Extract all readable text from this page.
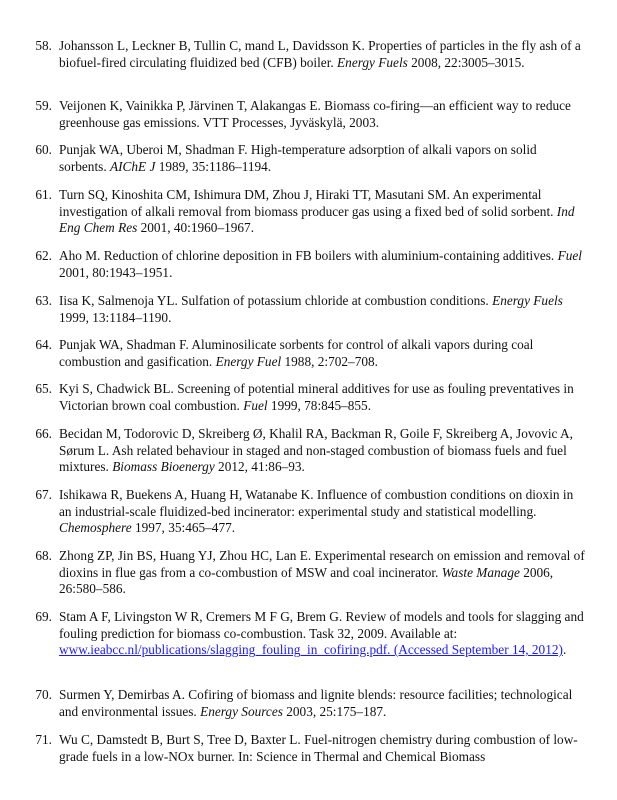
58. Johansson L, Leckner B, Tullin C, mand L, Davidsson K. Properties of particles in the fly ash of a biofuel-fired circulating fluidized bed (CFB) boiler. Energy Fuels 2008, 22:3005–3015.
59. Veijonen K, Vainikka P, Järvinen T, Alakangas E. Biomass co-firing—an efficient way to reduce greenhouse gas emissions. VTT Processes, Jyväskylä, 2003.
60. Punjak WA, Uberoi M, Shadman F. High-temperature adsorption of alkali vapors on solid sorbents. AIChE J 1989, 35:1186–1194.
61. Turn SQ, Kinoshita CM, Ishimura DM, Zhou J, Hiraki TT, Masutani SM. An experimental investigation of alkali removal from biomass producer gas using a fixed bed of solid sorbent. Ind Eng Chem Res 2001, 40:1960–1967.
62. Aho M. Reduction of chlorine deposition in FB boilers with aluminium-containing additives. Fuel 2001, 80:1943–1951.
63. Iisa K, Salmenoja YL. Sulfation of potassium chloride at combustion conditions. Energy Fuels 1999, 13:1184–1190.
64. Punjak WA, Shadman F. Aluminosilicate sorbents for control of alkali vapors during coal combustion and gasification. Energy Fuel 1988, 2:702–708.
65. Kyi S, Chadwick BL. Screening of potential mineral additives for use as fouling preventatives in Victorian brown coal combustion. Fuel 1999, 78:845–855.
66. Becidan M, Todorovic D, Skreiberg Ø, Khalil RA, Backman R, Goile F, Skreiberg A, Jovovic A, Sørum L. Ash related behaviour in staged and non-staged combustion of biomass fuels and fuel mixtures. Biomass Bioenergy 2012, 41:86–93.
67. Ishikawa R, Buekens A, Huang H, Watanabe K. Influence of combustion conditions on dioxin in an industrial-scale fluidized-bed incinerator: experimental study and statistical modelling. Chemosphere 1997, 35:465–477.
68. Zhong ZP, Jin BS, Huang YJ, Zhou HC, Lan E. Experimental research on emission and removal of dioxins in flue gas from a co-combustion of MSW and coal incinerator. Waste Manage 2006, 26:580–586.
69. Stam A F, Livingston W R, Cremers M F G, Brem G. Review of models and tools for slagging and fouling prediction for biomass co-combustion. Task 32, 2009. Available at: www.ieabcc.nl/publications/slagging_fouling_in_cofiring.pdf. (Accessed September 14, 2012).
70. Surmen Y, Demirbas A. Cofiring of biomass and lignite blends: resource facilities; technological and environmental issues. Energy Sources 2003, 25:175–187.
71. Wu C, Damstedt B, Burt S, Tree D, Baxter L. Fuel-nitrogen chemistry during combustion of low-grade fuels in a low-NOx burner. In: Science in Thermal and Chemical Biomass
